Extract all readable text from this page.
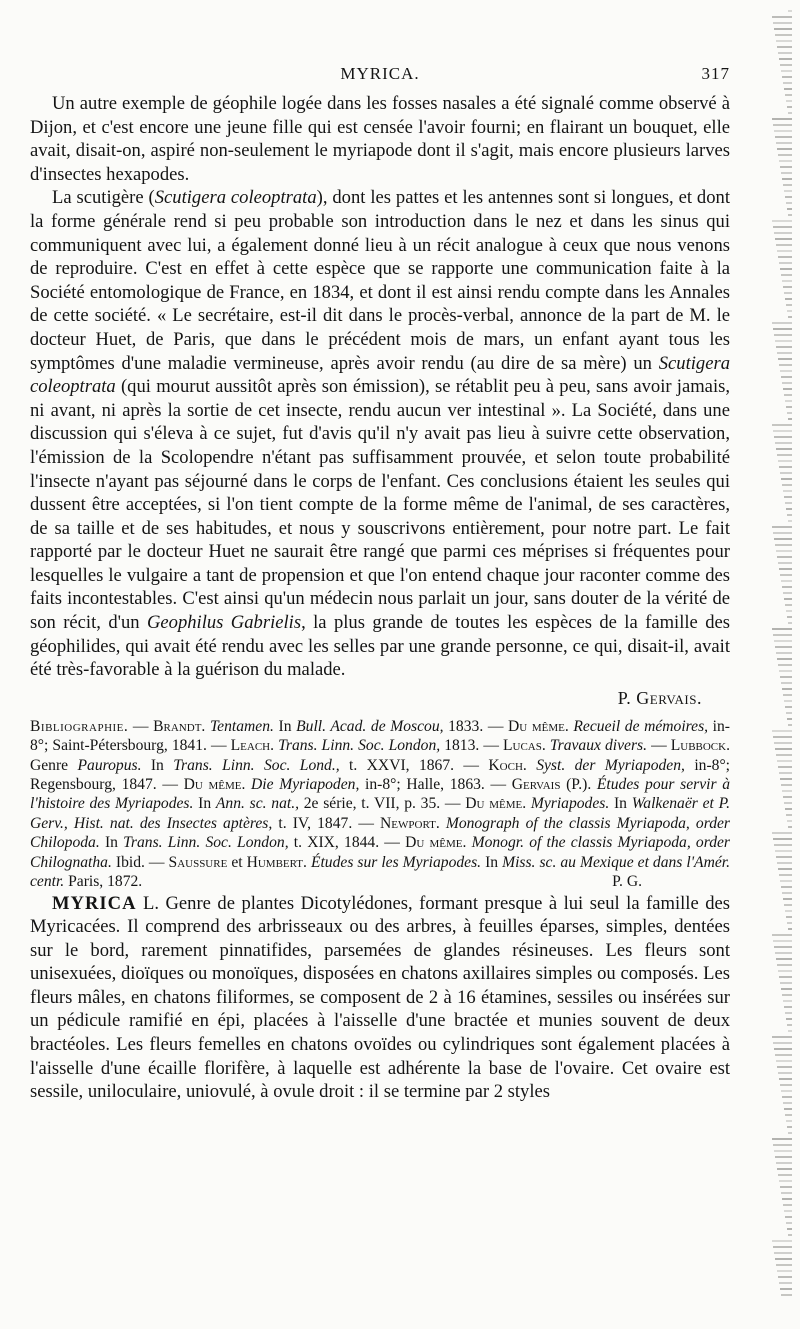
MYRICA.	317

Un autre exemple de géophile logée dans les fosses nasales a été signalé comme observé à Dijon, et c'est encore une jeune fille qui est censée l'avoir fourni; en flairant un bouquet, elle avait, disait-on, aspiré non-seulement le myriapode dont il s'agit, mais encore plusieurs larves d'insectes hexapodes.

La scutigère (Scutigera coleoptrata), dont les pattes et les antennes sont si longues, et dont la forme générale rend si peu probable son introduction dans le nez et dans les sinus qui communiquent avec lui, a également donné lieu à un récit analogue à ceux que nous venons de reproduire. C'est en effet à cette espèce que se rapporte une communication faite à la Société entomologique de France, en 1834, et dont il est ainsi rendu compte dans les Annales de cette société. « Le secrétaire, est-il dit dans le procès-verbal, annonce de la part de M. le docteur Huet, de Paris, que dans le précédent mois de mars, un enfant ayant tous les symptômes d'une maladie vermineuse, après avoir rendu (au dire de sa mère) un Scutigera coleoptrata (qui mourut aussitôt après son émission), se rétablit peu à peu, sans avoir jamais, ni avant, ni après la sortie de cet insecte, rendu aucun ver intestinal ». La Société, dans une discussion qui s'éleva à ce sujet, fut d'avis qu'il n'y avait pas lieu à suivre cette observation, l'émission de la Scolopendre n'étant pas suffisamment prouvée, et selon toute probabilité l'insecte n'ayant pas séjourné dans le corps de l'enfant. Ces conclusions étaient les seules qui dussent être acceptées, si l'on tient compte de la forme même de l'animal, de ses caractères, de sa taille et de ses habitudes, et nous y souscrivons entièrement, pour notre part. Le fait rapporté par le docteur Huet ne saurait être rangé que parmi ces méprises si fréquentes pour lesquelles le vulgaire a tant de propension et que l'on entend chaque jour raconter comme des faits incontestables. C'est ainsi qu'un médecin nous parlait un jour, sans douter de la vérité de son récit, d'un Geophilus Gabrielis, la plus grande de toutes les espèces de la famille des géophilides, qui avait été rendu avec les selles par une grande personne, ce qui, disait-il, avait été très-favorable à la guérison du malade.

P. Gervais.
Bibliographie. — Brandt. Tentamen. In Bull. Acad. de Moscou, 1833. — Du même. Recueil de mémoires, in-8°; Saint-Pétersbourg, 1841. — Leach. Trans. Linn. Soc. London, 1813. — Lucas. Travaux divers. — Lubbock. Genre Pauropus. In Trans. Linn. Soc. Lond., t. XXVI, 1867. — Koch. Syst. der Myriapoden, in-8°; Regensbourg, 1847. — Du même. Die Myriapoden, in-8°; Halle, 1863. — Gervais (P.). Études pour servir à l'histoire des Myriapodes. In Ann. sc. nat., 2e série, t. VII, p. 35. — Du même. Myriapodes. In Walkenaër et P. Gerv., Hist. nat. des Insectes aptères, t. IV, 1847. — Newport. Monograph of the classis Myriapoda, order Chilopoda. In Trans. Linn. Soc. London, t. XIX, 1844. — Du même. Monogr. of the classis Myriapoda, order Chilognatha. Ibid. — Saussure et Humbert. Études sur les Myriapodes. In Miss. sc. au Mexique et dans l'Amér. centr. Paris, 1872.	P. G.

MYRICA L. Genre de plantes Dicotylédones, formant presque à lui seul la famille des Myricacées. Il comprend des arbrisseaux ou des arbres, à feuilles éparses, simples, dentées sur le bord, rarement pinnatifides, parsemées de glandes résineuses. Les fleurs sont unisexuées, dioïques ou monoïques, disposées en chatons axillaires simples ou composés. Les fleurs mâles, en chatons filiformes, se composent de 2 à 16 étamines, sessiles ou insérées sur un pédicule ramifié en épi, placées à l'aisselle d'une bractée et munies souvent de deux bractéoles. Les fleurs femelles en chatons ovoïdes ou cylindriques sont également placées à l'aisselle d'une écaille florifère, à laquelle est adhérente la base de l'ovaire. Cet ovaire est sessile, uniloculaire, uniovulé, à ovule droit : il se termine par 2 styles
